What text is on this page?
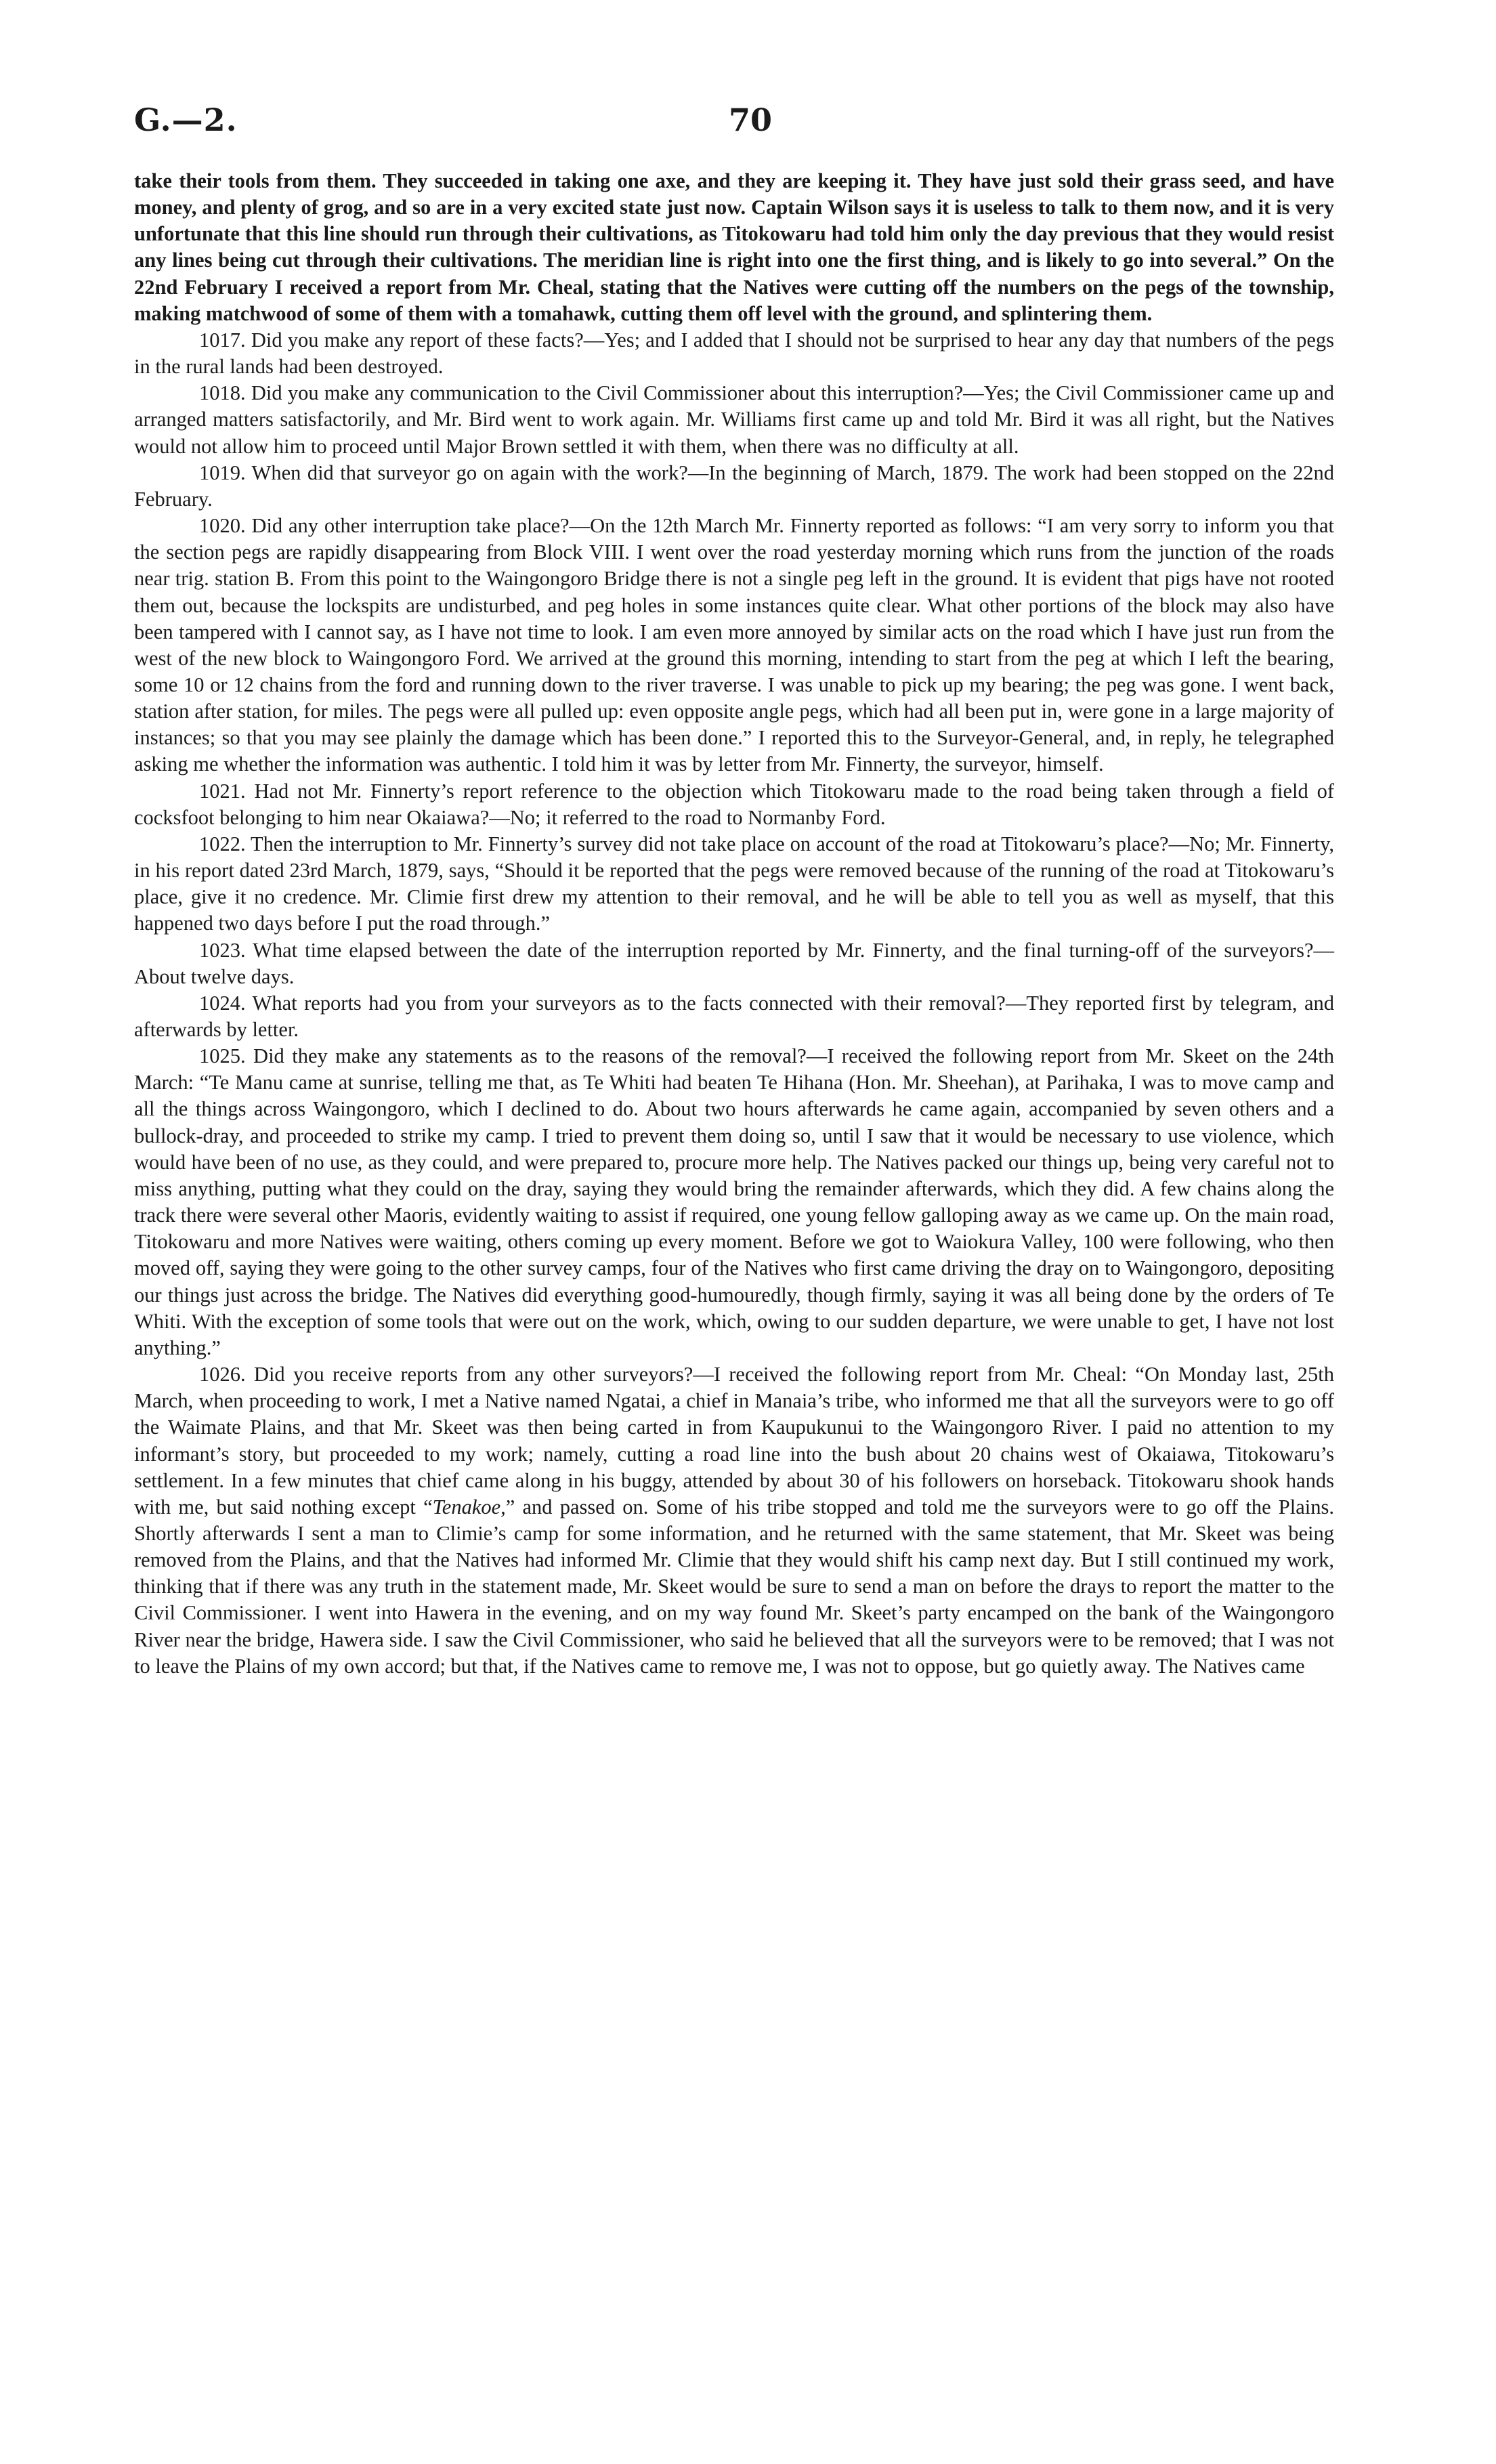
G.—2.	70

take their tools from them. They succeeded in taking one axe, and they are keeping it. They have just sold their grass seed, and have money, and plenty of grog, and so are in a very excited state just now. Captain Wilson says it is useless to talk to them now, and it is very unfortunate that this line should run through their cultivations, as Titokowaru had told him only the day previous that they would resist any lines being cut through their cultivations. The meridian line is right into one the first thing, and is likely to go into several.” On the 22nd February I received a report from Mr. Cheal, stating that the Natives were cutting off the numbers on the pegs of the township, making matchwood of some of them with a tomahawk, cutting them off level with the ground, and splintering them.

1017. Did you make any report of these facts?—Yes; and I added that I should not be surprised to hear any day that numbers of the pegs in the rural lands had been destroyed.

1018. Did you make any communication to the Civil Commissioner about this interruption?—Yes; the Civil Commissioner came up and arranged matters satisfactorily, and Mr. Bird went to work again. Mr. Williams first came up and told Mr. Bird it was all right, but the Natives would not allow him to proceed until Major Brown settled it with them, when there was no difficulty at all.

1019. When did that surveyor go on again with the work?—In the beginning of March, 1879. The work had been stopped on the 22nd February.

1020. Did any other interruption take place?—On the 12th March Mr. Finnerty reported as follows: “I am very sorry to inform you that the section pegs are rapidly disappearing from Block VIII. I went over the road yesterday morning which runs from the junction of the roads near trig. station B. From this point to the Waingongoro Bridge there is not a single peg left in the ground. It is evident that pigs have not rooted them out, because the lockspits are undisturbed, and peg holes in some instances quite clear. What other portions of the block may also have been tampered with I cannot say, as I have not time to look. I am even more annoyed by similar acts on the road which I have just run from the west of the new block to Waingongoro Ford. We arrived at the ground this morning, intending to start from the peg at which I left the bearing, some 10 or 12 chains from the ford and running down to the river traverse. I was unable to pick up my bearing; the peg was gone. I went back, station after station, for miles. The pegs were all pulled up: even opposite angle pegs, which had all been put in, were gone in a large majority of instances; so that you may see plainly the damage which has been done.” I reported this to the Surveyor-General, and, in reply, he telegraphed asking me whether the information was authentic. I told him it was by letter from Mr. Finnerty, the surveyor, himself.

1021. Had not Mr. Finnerty’s report reference to the objection which Titokowaru made to the road being taken through a field of cocksfoot belonging to him near Okaiawa?—No; it referred to the road to Normanby Ford.

1022. Then the interruption to Mr. Finnerty’s survey did not take place on account of the road at Titokowaru’s place?—No; Mr. Finnerty, in his report dated 23rd March, 1879, says, “Should it be reported that the pegs were removed because of the running of the road at Titokowaru’s place, give it no credence. Mr. Climie first drew my attention to their removal, and he will be able to tell you as well as myself, that this happened two days before I put the road through.”

1023. What time elapsed between the date of the interruption reported by Mr. Finnerty, and the final turning-off of the surveyors?—About twelve days.

1024. What reports had you from your surveyors as to the facts connected with their removal?—They reported first by telegram, and afterwards by letter.

1025. Did they make any statements as to the reasons of the removal?—I received the following report from Mr. Skeet on the 24th March: “Te Manu came at sunrise, telling me that, as Te Whiti had beaten Te Hihana (Hon. Mr. Sheehan), at Parihaka, I was to move camp and all the things across Waingongoro, which I declined to do. About two hours afterwards he came again, accompanied by seven others and a bullock-dray, and proceeded to strike my camp. I tried to prevent them doing so, until I saw that it would be necessary to use violence, which would have been of no use, as they could, and were prepared to, procure more help. The Natives packed our things up, being very careful not to miss anything, putting what they could on the dray, saying they would bring the remainder afterwards, which they did. A few chains along the track there were several other Maoris, evidently waiting to assist if required, one young fellow galloping away as we came up. On the main road, Titokowaru and more Natives were waiting, others coming up every moment. Before we got to Waiokura Valley, 100 were following, who then moved off, saying they were going to the other survey camps, four of the Natives who first came driving the dray on to Waingongoro, depositing our things just across the bridge. The Natives did everything good-humouredly, though firmly, saying it was all being done by the orders of Te Whiti. With the exception of some tools that were out on the work, which, owing to our sudden departure, we were unable to get, I have not lost anything.”

1026. Did you receive reports from any other surveyors?—I received the following report from Mr. Cheal: “On Monday last, 25th March, when proceeding to work, I met a Native named Ngatai, a chief in Manaia’s tribe, who informed me that all the surveyors were to go off the Waimate Plains, and that Mr. Skeet was then being carted in from Kaupukunui to the Waingongoro River. I paid no attention to my informant’s story, but proceeded to my work; namely, cutting a road line into the bush about 20 chains west of Okaiawa, Titokowaru’s settlement. In a few minutes that chief came along in his buggy, attended by about 30 of his followers on horseback. Titokowaru shook hands with me, but said nothing except “Tenakoe,” and passed on. Some of his tribe stopped and told me the surveyors were to go off the Plains. Shortly afterwards I sent a man to Climie’s camp for some information, and he returned with the same statement, that Mr. Skeet was being removed from the Plains, and that the Natives had informed Mr. Climie that they would shift his camp next day. But I still continued my work, thinking that if there was any truth in the statement made, Mr. Skeet would be sure to send a man on before the drays to report the matter to the Civil Commissioner. I went into Hawera in the evening, and on my way found Mr. Skeet’s party encamped on the bank of the Waingongoro River near the bridge, Hawera side. I saw the Civil Commissioner, who said he believed that all the surveyors were to be removed; that I was not to leave the Plains of my own accord; but that, if the Natives came to remove me, I was not to oppose, but go quietly away. The Natives came
